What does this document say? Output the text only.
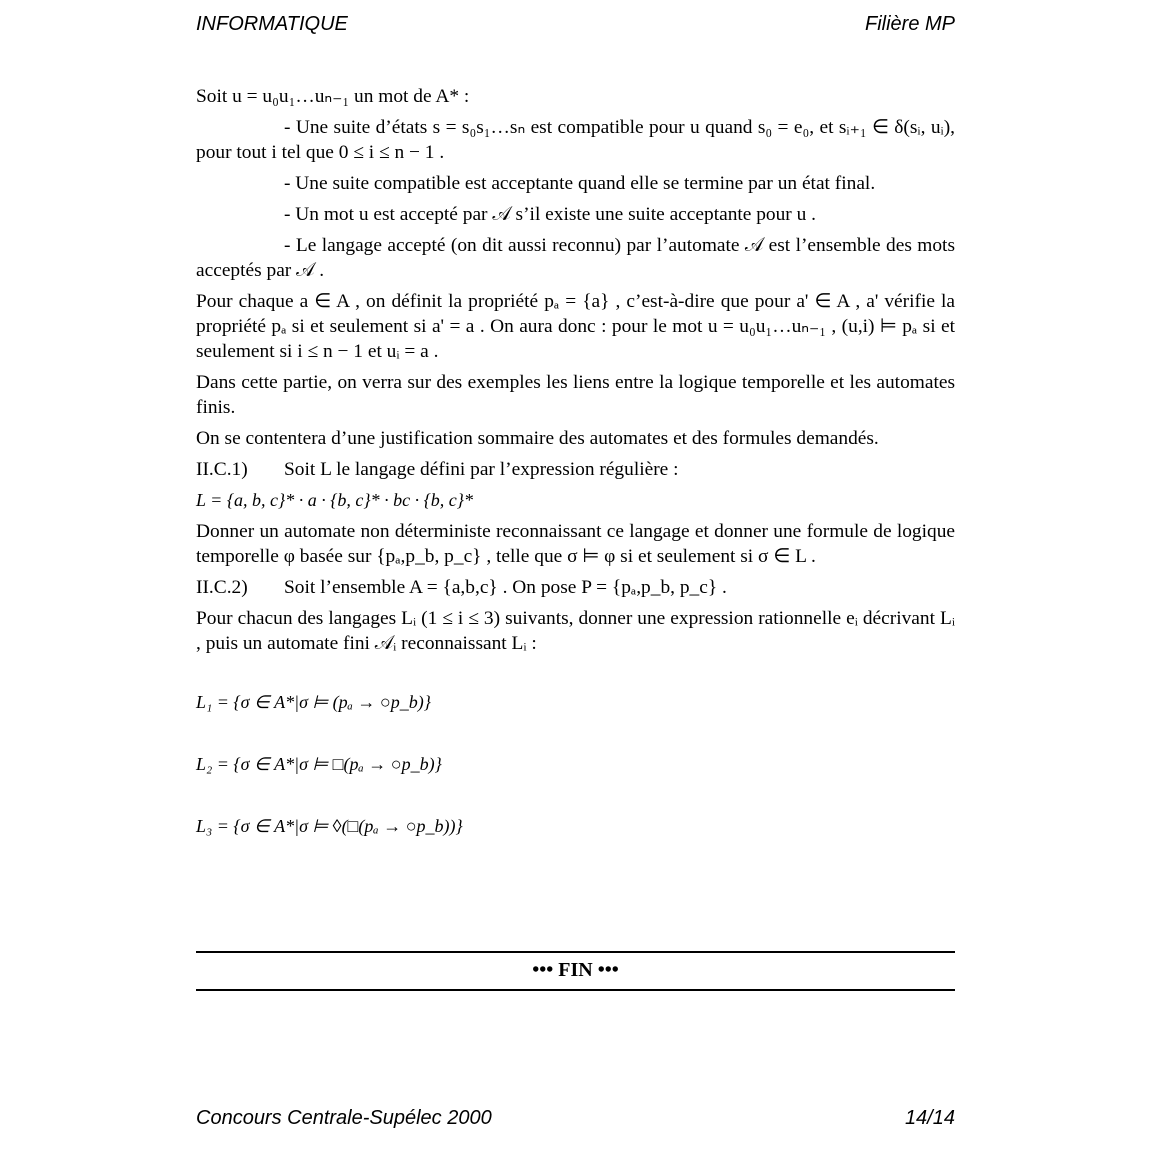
INFORMATIQUE	Filière MP

Soit u = u₀u₁…uₙ₋₁ un mot de A* :

- Une suite d’états s = s₀s₁…sₙ est compatible pour u quand s₀ = e₀, et sᵢ₊₁ ∈ δ(sᵢ, uᵢ), pour tout i tel que 0 ≤ i ≤ n − 1 .

- Une suite compatible est acceptante quand elle se termine par un état final.

- Un mot u est accepté par 𝒜 s’il existe une suite acceptante pour u .

- Le langage accepté (on dit aussi reconnu) par l’automate 𝒜 est l’ensemble des mots acceptés par 𝒜 .

Pour chaque a ∈ A , on définit la propriété pₐ = {a} , c’est-à-dire que pour a' ∈ A , a' vérifie la propriété pₐ si et seulement si a' = a . On aura donc : pour le mot u = u₀u₁…uₙ₋₁ , (u,i) ⊨ pₐ si et seulement si i ≤ n − 1 et uᵢ = a .

Dans cette partie, on verra sur des exemples les liens entre la logique temporelle et les automates finis.

On se contentera d’une justification sommaire des automates et des formules demandés.

II.C.1) Soit L le langage défini par l’expression régulière :

L = {a, b, c}* · a · {b, c}* · bc · {b, c}*

Donner un automate non déterministe reconnaissant ce langage et donner une formule de logique temporelle φ basée sur {pₐ,p_b, p_c} , telle que σ ⊨ φ si et seulement si σ ∈ L .

II.C.2) Soit l’ensemble A = {a,b,c} . On pose P = {pₐ,p_b, p_c} .

Pour chacun des langages Lᵢ (1 ≤ i ≤ 3) suivants, donner une expression rationnelle eᵢ décrivant Lᵢ , puis un automate fini 𝒜ᵢ reconnaissant Lᵢ :

L₁ = {σ ∈ A*|σ ⊨ (pₐ → ○p_b)}

L₂ = {σ ∈ A*|σ ⊨ □(pₐ → ○p_b)}

L₃ = {σ ∈ A*|σ ⊨ ◊(□(pₐ → ○p_b))}

••• FIN •••
Concours Centrale-Supélec 2000	14/14
